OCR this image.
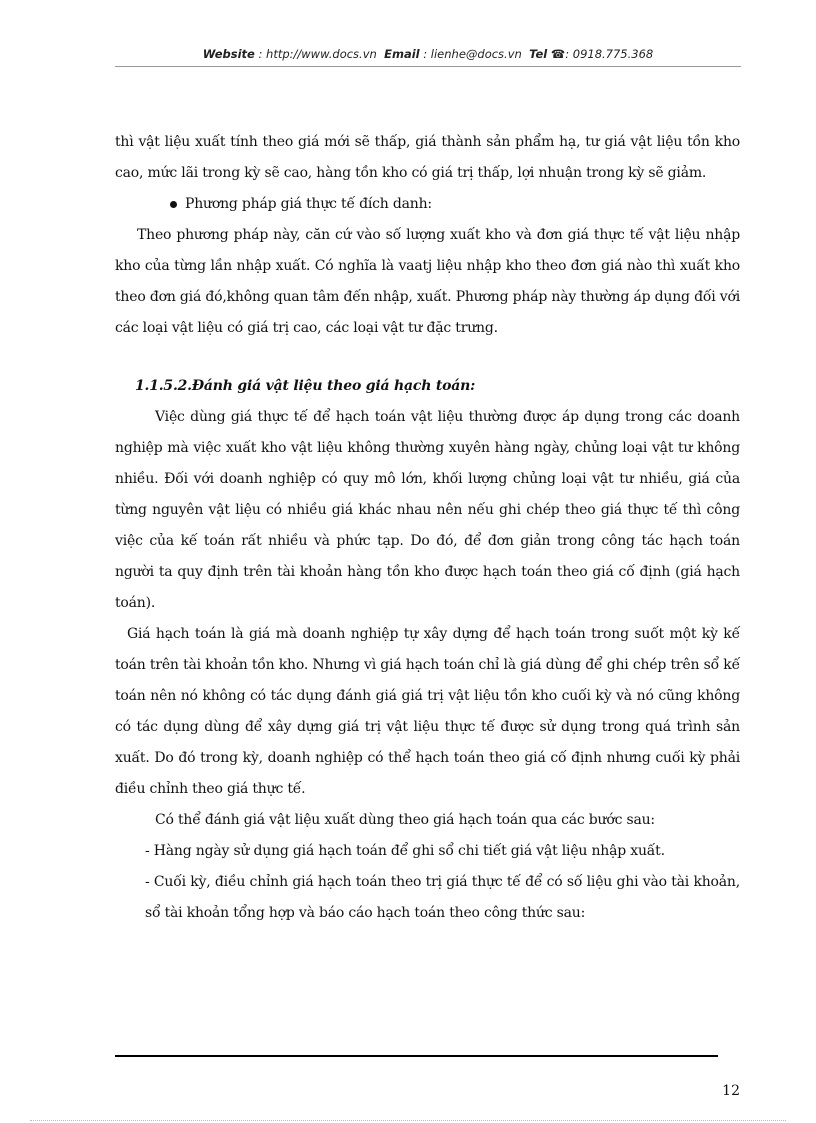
Website : http://www.docs.vn Email : lienhe@docs.vn Tel ☎: 0918.775.368

thì vật liệu xuất tính theo giá mới sẽ thấp, giá thành sản phẩm hạ, tư giá vật liệu tồn kho cao, mức lãi trong kỳ sẽ cao, hàng tồn kho có giá trị thấp, lợi nhuận trong kỳ sẽ giảm.

Phương pháp giá thực tế đích danh:

Theo phương pháp này, căn cứ vào số lượng xuất kho và đơn giá thực tế vật liệu nhập kho của từng lần nhập xuất. Có nghĩa là vaatj liệu nhập kho theo đơn giá nào thì xuất kho theo đơn giá đó,không quan tâm đến nhập, xuất. Phương pháp này thường áp dụng đối với các loại vật liệu có giá trị cao, các loại vật tư đặc trưng.

1.1.5.2.Đánh giá vật liệu theo giá hạch toán:

Việc dùng giá thực tế để hạch toán vật liệu thường được áp dụng trong các doanh nghiệp mà việc xuất kho vật liệu không thường xuyên hàng ngày, chủng loại vật tư không nhiều. Đối với doanh nghiệp có quy mô lớn, khối lượng chủng loại vật tư nhiều, giá của từng nguyên vật liệu có nhiều giá khác nhau nên nếu ghi chép theo giá thực tế thì công việc của kế toán rất nhiều và phức tạp. Do đó, để đơn giản trong công tác hạch toán người ta quy định trên tài khoản hàng tồn kho được hạch toán theo giá cố định (giá hạch toán).

Giá hạch toán là giá mà doanh nghiệp tự xây dựng để hạch toán trong suốt một kỳ kế toán trên tài khoản tồn kho. Nhưng vì giá hạch toán chỉ là giá dùng để ghi chép trên sổ kế toán nên nó không có tác dụng đánh giá giá trị vật liệu tồn kho cuối kỳ và nó cũng không có tác dụng dùng để xây dựng giá trị vật liệu thực tế được sử dụng trong quá trình sản xuất. Do đó trong kỳ, doanh nghiệp có thể hạch toán theo giá cố định nhưng cuối kỳ phải điều chỉnh theo giá thực tế.

Có thể đánh giá vật liệu xuất dùng theo giá hạch toán qua các bước sau:

- Hàng ngày sử dụng giá hạch toán để ghi sổ chi tiết giá vật liệu nhập xuất.

- Cuối kỳ, điều chỉnh giá hạch toán theo trị giá thực tế để có số liệu ghi vào tài khoản, sổ tài khoản tổng hợp và báo cáo hạch toán theo công thức sau:

12
